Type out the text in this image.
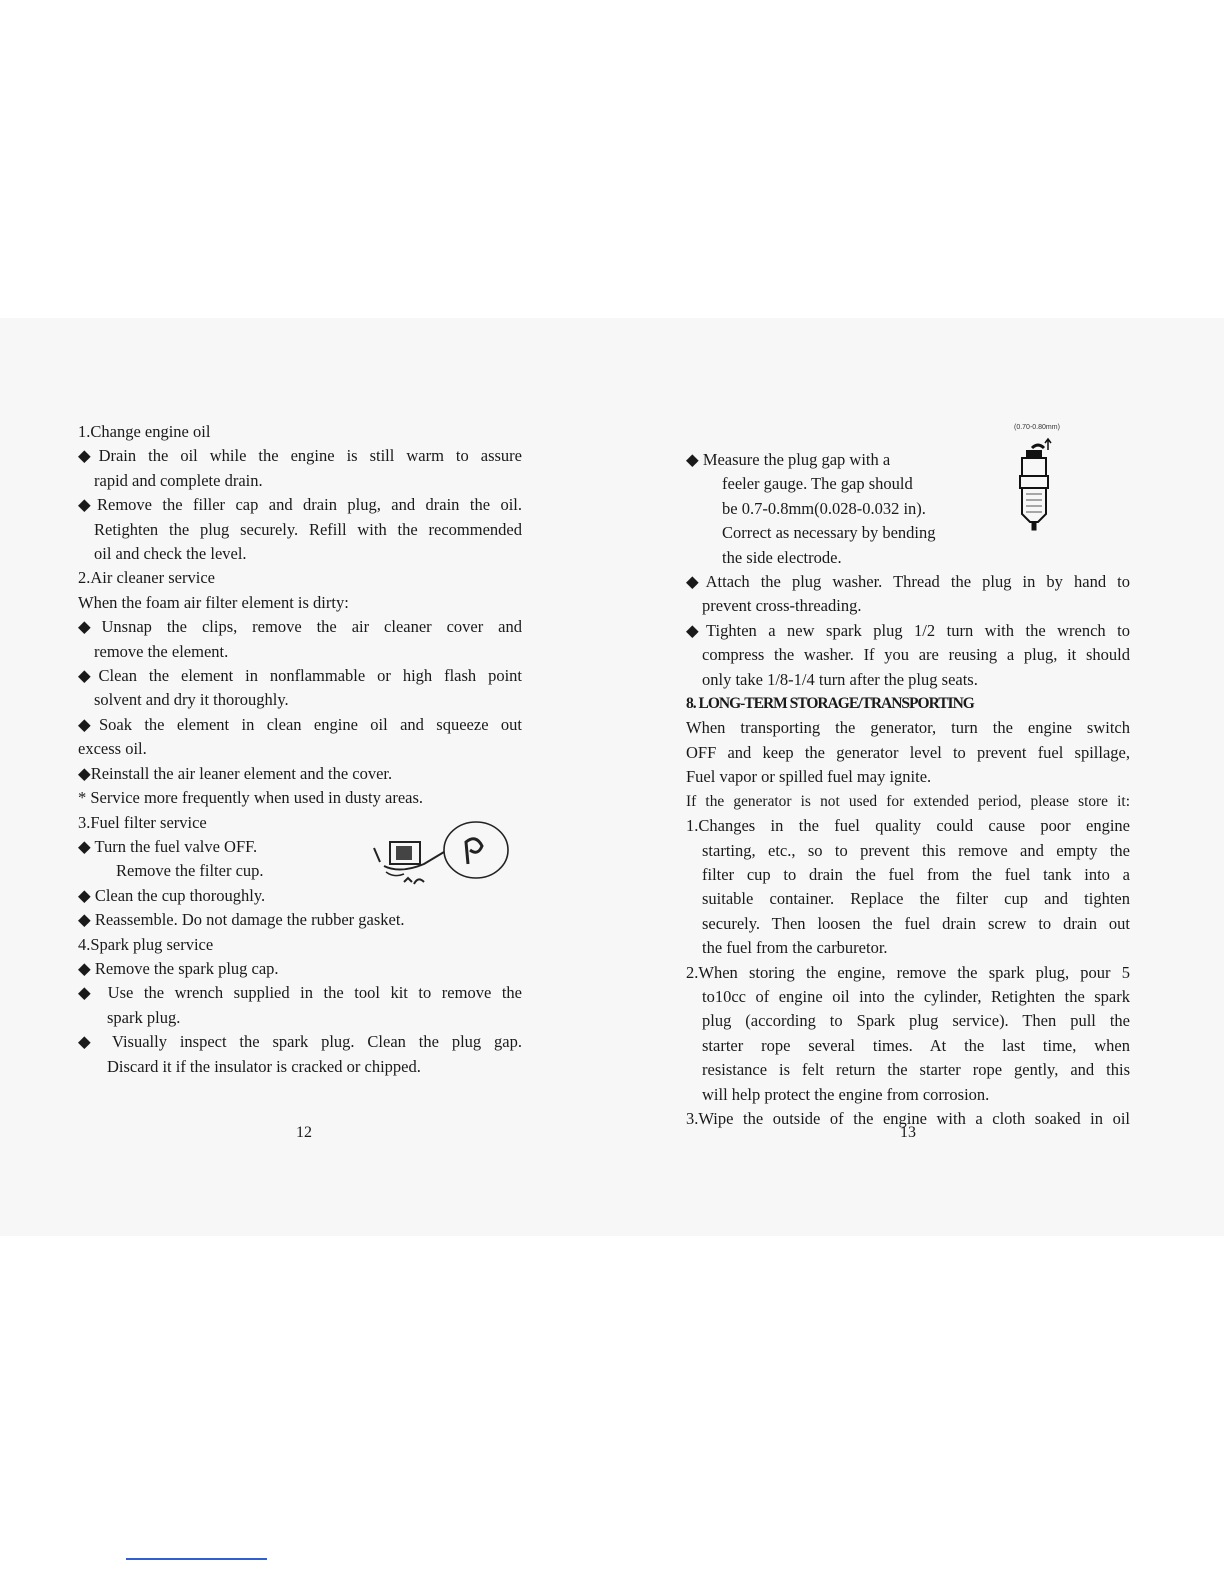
1.Change engine oil
◆Drain the oil while the engine is still warm to assure
rapid and complete drain.
◆Remove the filler cap and drain plug, and drain the oil.
Retighten the plug securely. Refill with the recommended
oil and check the level.
2.Air cleaner service
When the foam air filter element is dirty:
◆Unsnap the clips, remove the air cleaner cover and
remove the element.
◆Clean the element in nonflammable or high flash point
solvent and dry it thoroughly.
◆Soak the element in clean engine oil and squeeze out
excess oil.
◆Reinstall the air leaner element and the cover.
* Service more frequently when used in dusty areas.
3.Fuel filter service
◆ Turn the fuel valve OFF.
Remove the filter cup.
◆ Clean the cup thoroughly.
◆ Reassemble. Do not damage the rubber gasket.
4.Spark plug service
◆ Remove the spark plug cap.
◆ Use the wrench supplied in the tool kit to remove the
spark plug.
◆ Visually inspect the spark plug. Clean the plug gap.
Discard it if the insulator is cracked or chipped.
12
◆ Measure the plug gap with a
feeler gauge. The gap should
be 0.7-0.8mm(0.028-0.032 in).
Correct as necessary by bending
the side electrode.
◆Attach the plug washer. Thread the plug in by hand to
prevent cross-threading.
◆Tighten a new spark plug 1/2 turn with the wrench to
compress the washer. If you are reusing a plug, it should
only take 1/8-1/4 turn after the plug seats.
8. LONG-TERM STORAGE/TRANSPORTING
When transporting the generator, turn the engine switch
OFF and keep the generator level to prevent fuel spillage,
Fuel vapor or spilled fuel may ignite.
If the generator is not used for extended period, please store it:
1.Changes in the fuel quality could cause poor engine
starting, etc., so to prevent this remove and empty the
filter cup to drain the fuel from the fuel tank into a
suitable container. Replace the filter cup and tighten
securely. Then loosen the fuel drain screw to drain out
the fuel from the carburetor.
2.When storing the engine, remove the spark plug, pour 5
to10cc of engine oil into the cylinder, Retighten the spark
plug (according to Spark plug service). Then pull the
starter rope several times. At the last time, when
resistance is felt return the starter rope gently, and this
will help protect the engine from corrosion.
3.Wipe the outside of the engine with a cloth soaked in oil
(0.70-0.80mm)
13
